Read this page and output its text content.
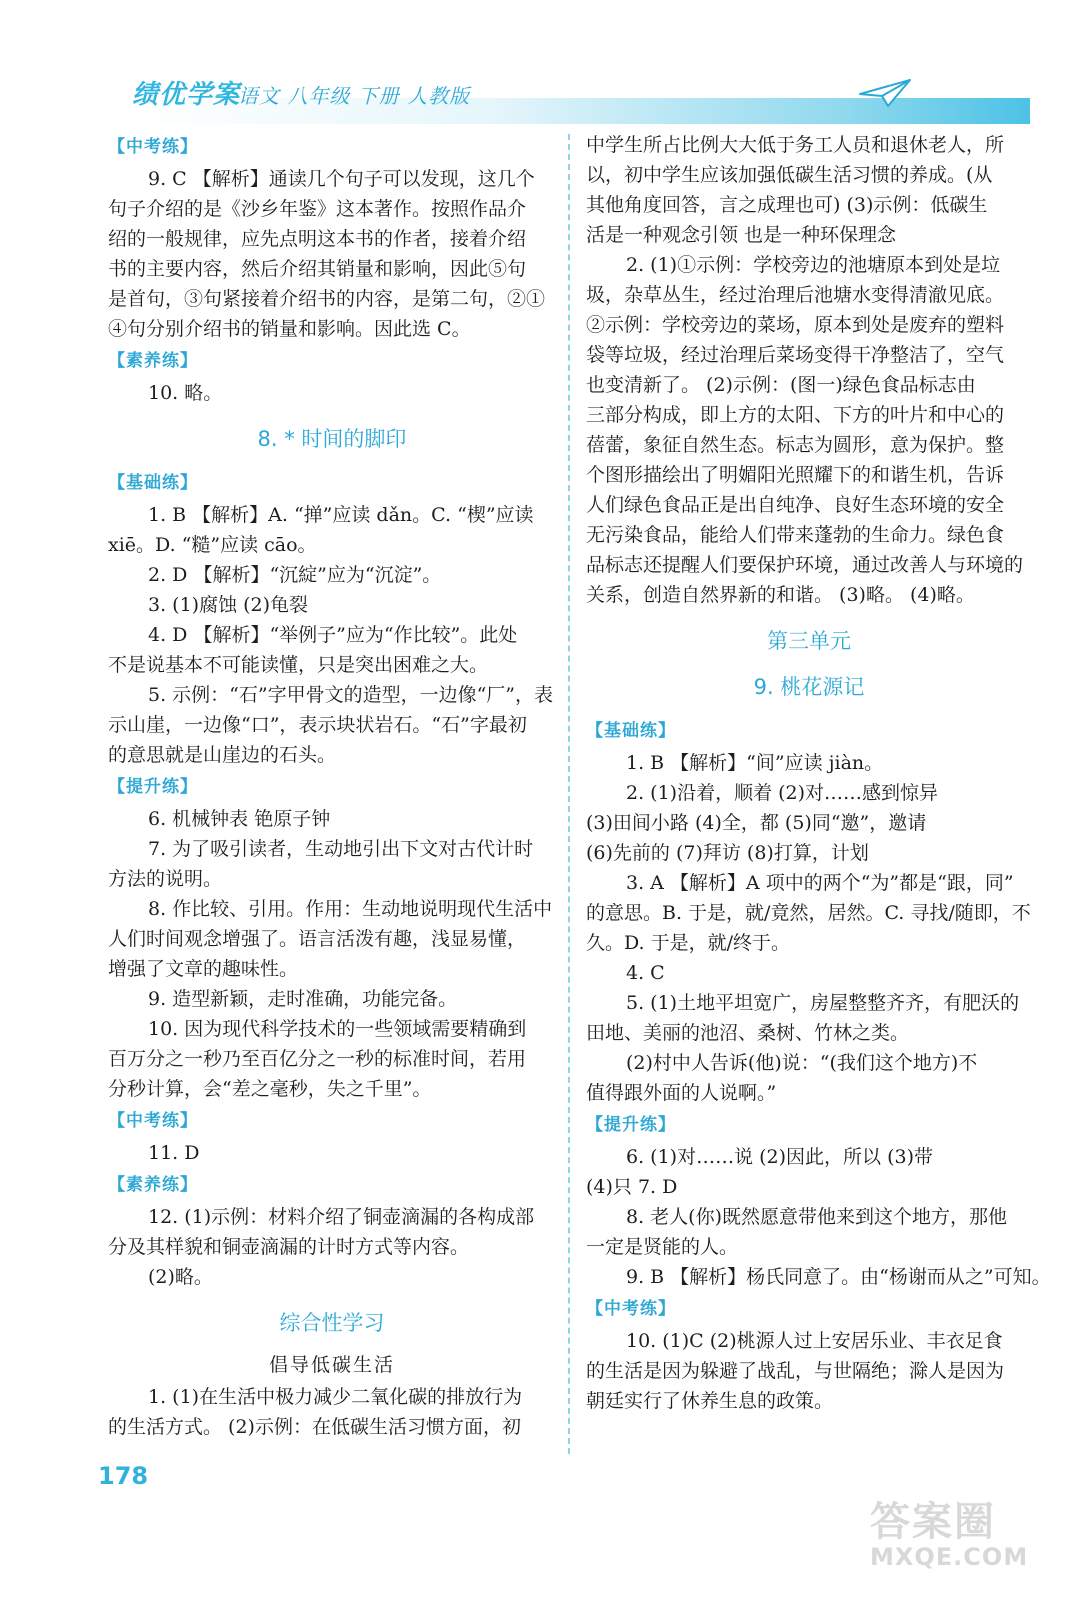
绩优学案
语文 八年级 下册 人教版
【中考练】
9. C 【解析】通读几个句子可以发现，这几个
句子介绍的是《沙乡年鉴》这本著作。按照作品介
绍的一般规律，应先点明这本书的作者，接着介绍
书的主要内容，然后介绍其销量和影响，因此⑤句
是首句，③句紧接着介绍书的内容，是第二句，②①
④句分别介绍书的销量和影响。因此选 C。
【素养练】
10. 略。
8. * 时间的脚印
【基础练】
1. B 【解析】A. “掸”应读 dǎn。C. “楔”应读
xiē。D. “糙”应读 cāo。
2. D 【解析】“沉綻”应为“沉淀”。
3. (1)腐蚀 (2)龟裂
4. D 【解析】“举例子”应为“作比较”。此处
不是说基本不可能读懂，只是突出困难之大。
5. 示例：“石”字甲骨文的造型，一边像“厂”，表
示山崖，一边像“口”，表示块状岩石。“石”字最初
的意思就是山崖边的石头。
【提升练】
6. 机械钟表 铯原子钟
7. 为了吸引读者，生动地引出下文对古代计时
方法的说明。
8. 作比较、引用。作用：生动地说明现代生活中
人们时间观念增强了。语言活泼有趣，浅显易懂，
增强了文章的趣味性。
9. 造型新颖，走时准确，功能完备。
10. 因为现代科学技术的一些领域需要精确到
百万分之一秒乃至百亿分之一秒的标准时间，若用
分秒计算，会“差之毫秒，失之千里”。
【中考练】
11. D
【素养练】
12. (1)示例：材料介绍了铜壶滴漏的各构成部
分及其样貌和铜壶滴漏的计时方式等内容。
(2)略。
综合性学习
倡导低碳生活
1. (1)在生活中极力减少二氧化碳的排放行为
的生活方式。 (2)示例：在低碳生活习惯方面，初
中学生所占比例大大低于务工人员和退休老人，所
以，初中学生应该加强低碳生活习惯的养成。(从
其他角度回答，言之成理也可) (3)示例：低碳生
活是一种观念引领 也是一种环保理念
2. (1)①示例：学校旁边的池塘原本到处是垃
圾，杂草丛生，经过治理后池塘水变得清澈见底。
②示例：学校旁边的菜场，原本到处是废弃的塑料
袋等垃圾，经过治理后菜场变得干净整洁了，空气
也变清新了。 (2)示例：(图一)绿色食品标志由
三部分构成，即上方的太阳、下方的叶片和中心的
蓓蕾，象征自然生态。标志为圆形，意为保护。整
个图形描绘出了明媚阳光照耀下的和谐生机，告诉
人们绿色食品正是出自纯净、良好生态环境的安全
无污染食品，能给人们带来蓬勃的生命力。绿色食
品标志还提醒人们要保护环境，通过改善人与环境的
关系，创造自然界新的和谐。 (3)略。 (4)略。
第三单元
9. 桃花源记
【基础练】
1. B 【解析】“间”应读 jiàn。
2. (1)沿着，顺着 (2)对……感到惊异
(3)田间小路 (4)全，都 (5)同“邀”，邀请
(6)先前的 (7)拜访 (8)打算，计划
3. A 【解析】A 项中的两个“为”都是“跟，同”
的意思。B. 于是，就/竟然，居然。C. 寻找/随即，不
久。D. 于是，就/终于。
4. C
5. (1)土地平坦宽广，房屋整整齐齐，有肥沃的
田地、美丽的池沼、桑树、竹林之类。
(2)村中人告诉(他)说：“(我们这个地方)不
值得跟外面的人说啊。”
【提升练】
6. (1)对……说 (2)因此，所以 (3)带
(4)只 7. D
8. 老人(你)既然愿意带他来到这个地方，那他
一定是贤能的人。
9. B 【解析】杨氏同意了。由“杨谢而从之”可知。
【中考练】
10. (1)C (2)桃源人过上安居乐业、丰衣足食
的生活是因为躲避了战乱，与世隔绝；滁人是因为
朝廷实行了休养生息的政策。
178
答案圈
MXQE.COM
